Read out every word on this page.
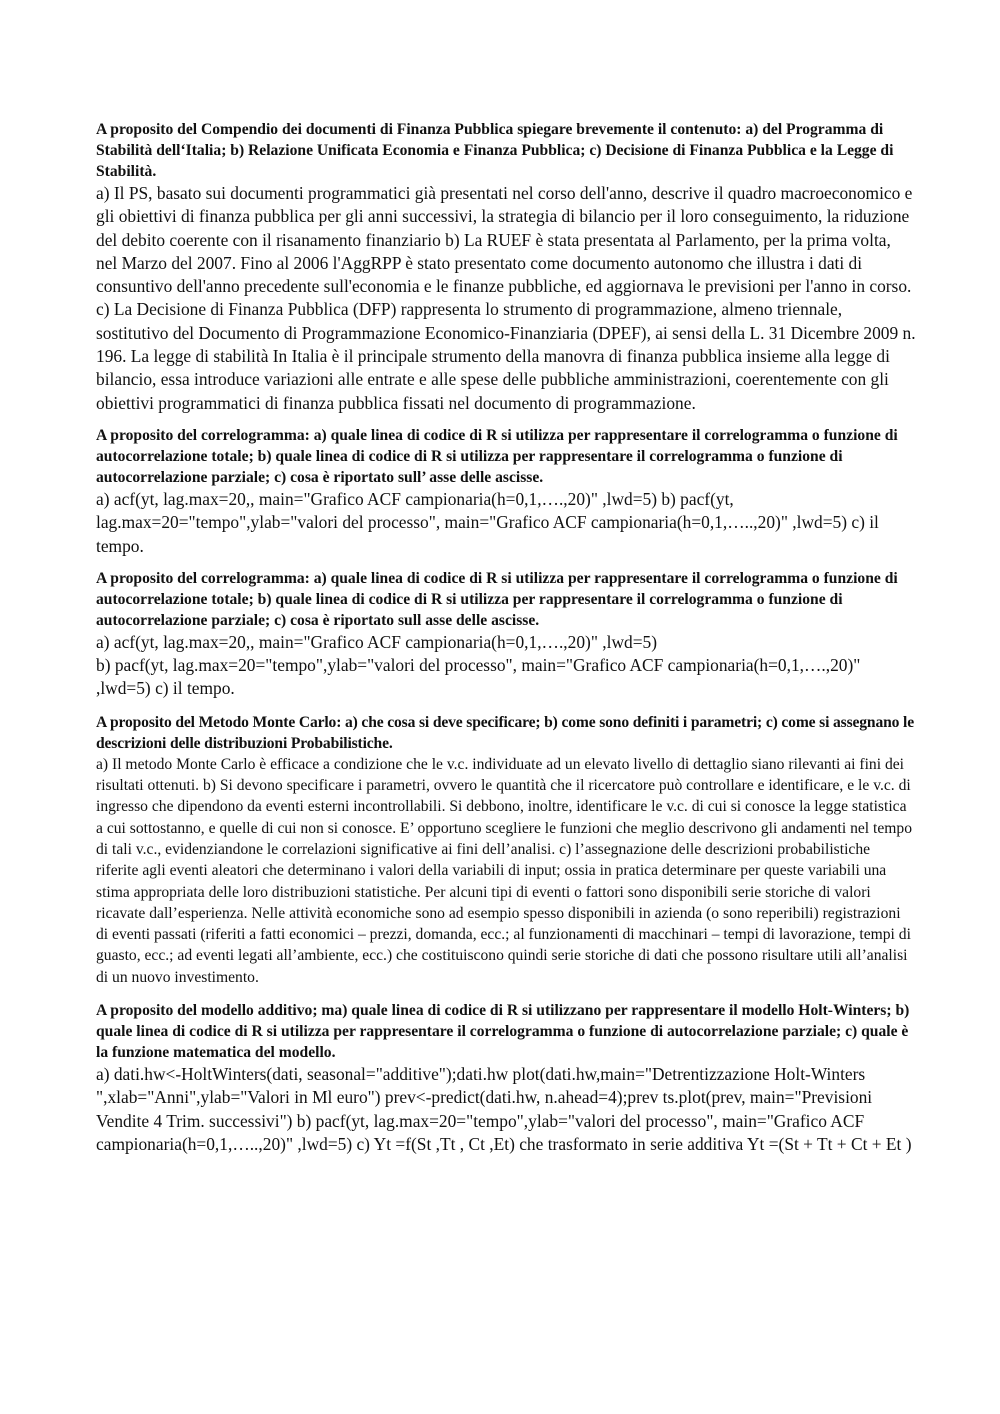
A proposito del Compendio dei documenti di Finanza Pubblica spiegare brevemente il contenuto: a) del Programma di Stabilità dell‘Italia; b) Relazione Unificata Economia e Finanza Pubblica; c) Decisione di Finanza Pubblica e la Legge di Stabilità.

a) Il PS, basato sui documenti programmatici già presentati nel corso dell'anno, descrive il quadro macroeconomico e gli obiettivi di finanza pubblica per gli anni successivi, la strategia di bilancio per il loro conseguimento, la riduzione del debito coerente con il risanamento finanziario b) La RUEF è stata presentata al Parlamento, per la prima volta, nel Marzo del 2007. Fino al 2006 l'AggRPP è stato presentato come documento autonomo che illustra i dati di consuntivo dell'anno precedente sull'economia e le finanze pubbliche, ed aggiornava le previsioni per l'anno in corso. c) La Decisione di Finanza Pubblica (DFP) rappresenta lo strumento di programmazione, almeno triennale, sostitutivo del Documento di Programmazione Economico-Finanziaria (DPEF), ai sensi della L. 31 Dicembre 2009 n. 196. La legge di stabilità In Italia è il principale strumento della manovra di finanza pubblica insieme alla legge di bilancio, essa introduce variazioni alle entrate e alle spese delle pubbliche amministrazioni, coerentemente con gli obiettivi programmatici di finanza pubblica fissati nel documento di programmazione.

A proposito del correlogramma: a) quale linea di codice di R si utilizza per rappresentare il correlogramma o funzione di autocorrelazione totale; b) quale linea di codice di R si utilizza per rappresentare il correlogramma o funzione di autocorrelazione parziale; c) cosa è riportato sull’ asse delle ascisse.

a) acf(yt, lag.max=20,, main="Grafico ACF campionaria(h=0,1,….,20)" ,lwd=5) b) pacf(yt, lag.max=20="tempo",ylab="valori del processo", main="Grafico ACF campionaria(h=0,1,…..,20)" ,lwd=5) c) il tempo.

A proposito del correlogramma: a) quale linea di codice di R si utilizza per rappresentare il correlogramma o funzione di autocorrelazione totale; b) quale linea di codice di R si utilizza per rappresentare il correlogramma o funzione di autocorrelazione parziale; c) cosa è riportato sull asse delle ascisse.

a) acf(yt, lag.max=20,, main="Grafico ACF campionaria(h=0,1,….,20)" ,lwd=5)

b) pacf(yt, lag.max=20="tempo",ylab="valori del processo", main="Grafico ACF campionaria(h=0,1,….,20)" ,lwd=5) c) il tempo.

A proposito del Metodo Monte Carlo: a) che cosa si deve specificare; b) come sono definiti i parametri; c) come si assegnano le descrizioni delle distribuzioni Probabilistiche.

a) Il metodo Monte Carlo è efficace a condizione che le v.c. individuate ad un elevato livello di dettaglio siano rilevanti ai fini dei risultati ottenuti. b) Si devono specificare i parametri, ovvero le quantità che il ricercatore può controllare e identificare, e le v.c. di ingresso che dipendono da eventi esterni incontrollabili. Si debbono, inoltre, identificare le v.c. di cui si conosce la legge statistica a cui sottostanno, e quelle di cui non si conosce. E’ opportuno scegliere le funzioni che meglio descrivono gli andamenti nel tempo di tali v.c., evidenziandone le correlazioni significative ai fini dell’analisi. c) l’assegnazione delle descrizioni probabilistiche riferite agli eventi aleatori che determinano i valori della variabili di input; ossia in pratica determinare per queste variabili una stima appropriata delle loro distribuzioni statistiche. Per alcuni tipi di eventi o fattori sono disponibili serie storiche di valori ricavate dall’esperienza. Nelle attività economiche sono ad esempio spesso disponibili in azienda (o sono reperibili) registrazioni di eventi passati (riferiti a fatti economici – prezzi, domanda, ecc.; al funzionamenti di macchinari – tempi di lavorazione, tempi di guasto, ecc.; ad eventi legati all’ambiente, ecc.) che costituiscono quindi serie storiche di dati che possono risultare utili all’analisi di un nuovo investimento.

A proposito del modello additivo; ma) quale linea di codice di R si utilizzano per rappresentare il modello Holt-Winters; b) quale linea di codice di R si utilizza per rappresentare il correlogramma o funzione di autocorrelazione parziale; c) quale è la funzione matematica del modello.

a) dati.hw<-HoltWinters(dati, seasonal="additive");dati.hw plot(dati.hw,main="Detrentizzazione Holt-Winters ",xlab="Anni",ylab="Valori in Ml euro") prev<-predict(dati.hw, n.ahead=4);prev ts.plot(prev, main="Previsioni Vendite 4 Trim. successivi") b) pacf(yt, lag.max=20="tempo",ylab="valori del processo", main="Grafico ACF campionaria(h=0,1,…..,20)" ,lwd=5) c) Yt =f(St ,Tt , Ct ,Et) che trasformato in serie additiva Yt =(St + Tt + Ct + Et )
